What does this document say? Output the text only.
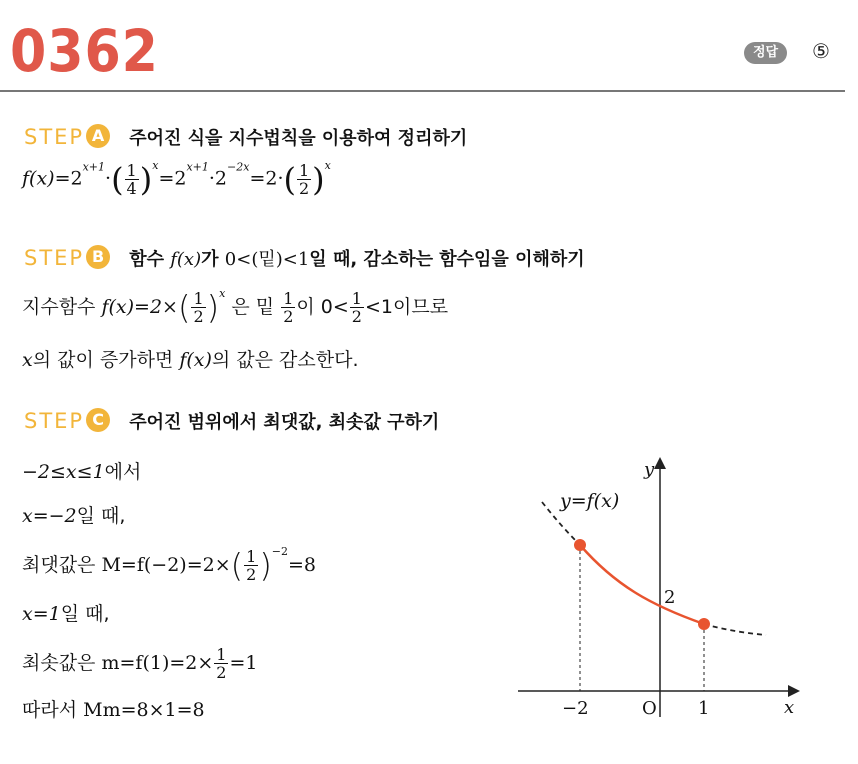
0362	정답	⑤
STEP A 주어진 식을 지수법칙을 이용하여 정리하기
$f(x)=2^{x+1}\cdot( \frac{1}{4} )^x=2^{x+1}\cdot 2^{-2x}=2\cdot( \frac{1}{2} )^x$
STEP B 함수 f(x)가 0<(밑)<1일 때, 감소하는 함수임을 이해하기
지수함수 $f(x)=2\times( \frac{1}{2} )^x$ 은 밑 $\frac{1}{2}$ 이 $0< \frac{1}{2} <1$이므로
x의 값이 증가하면 f(x)의 값은 감소한다.
STEP C 주어진 범위에서 최댓값, 최솟값 구하기
−2≤x≤1에서
x=−2일 때,
최댓값은 $M=f(-2)=2\times( \frac{1}{2} )^{-2}=8$
x=1일 때,
최솟값은 $m=f(1)=2\times \frac{1}{2} =1$
따라서 Mm=8×1=8
y=f(x)
y
x
O
2
−2	1
